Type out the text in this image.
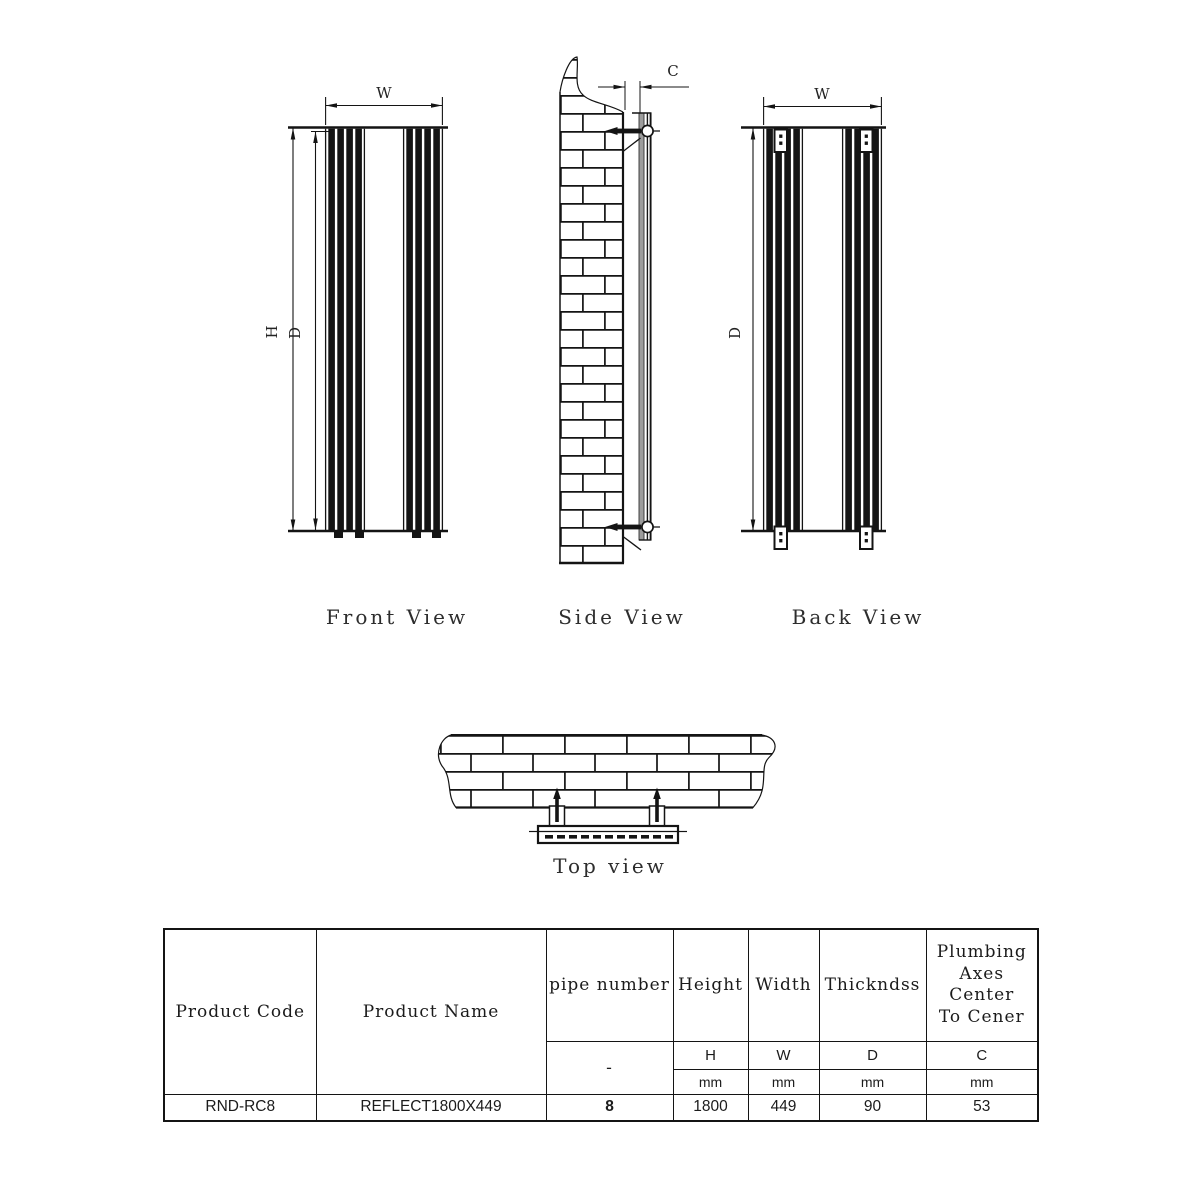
W
H D
Front View
C
Side View
W
D
Back View
Top view
Product Code	Product Name	pipe number	Height	Width	Thickndss	Plumbing Axes Center To Cener

		-	H	W	D	C
			mm	mm	mm	mm
RND-RC8	REFLECT1800X449	8	1800	449	90	53
